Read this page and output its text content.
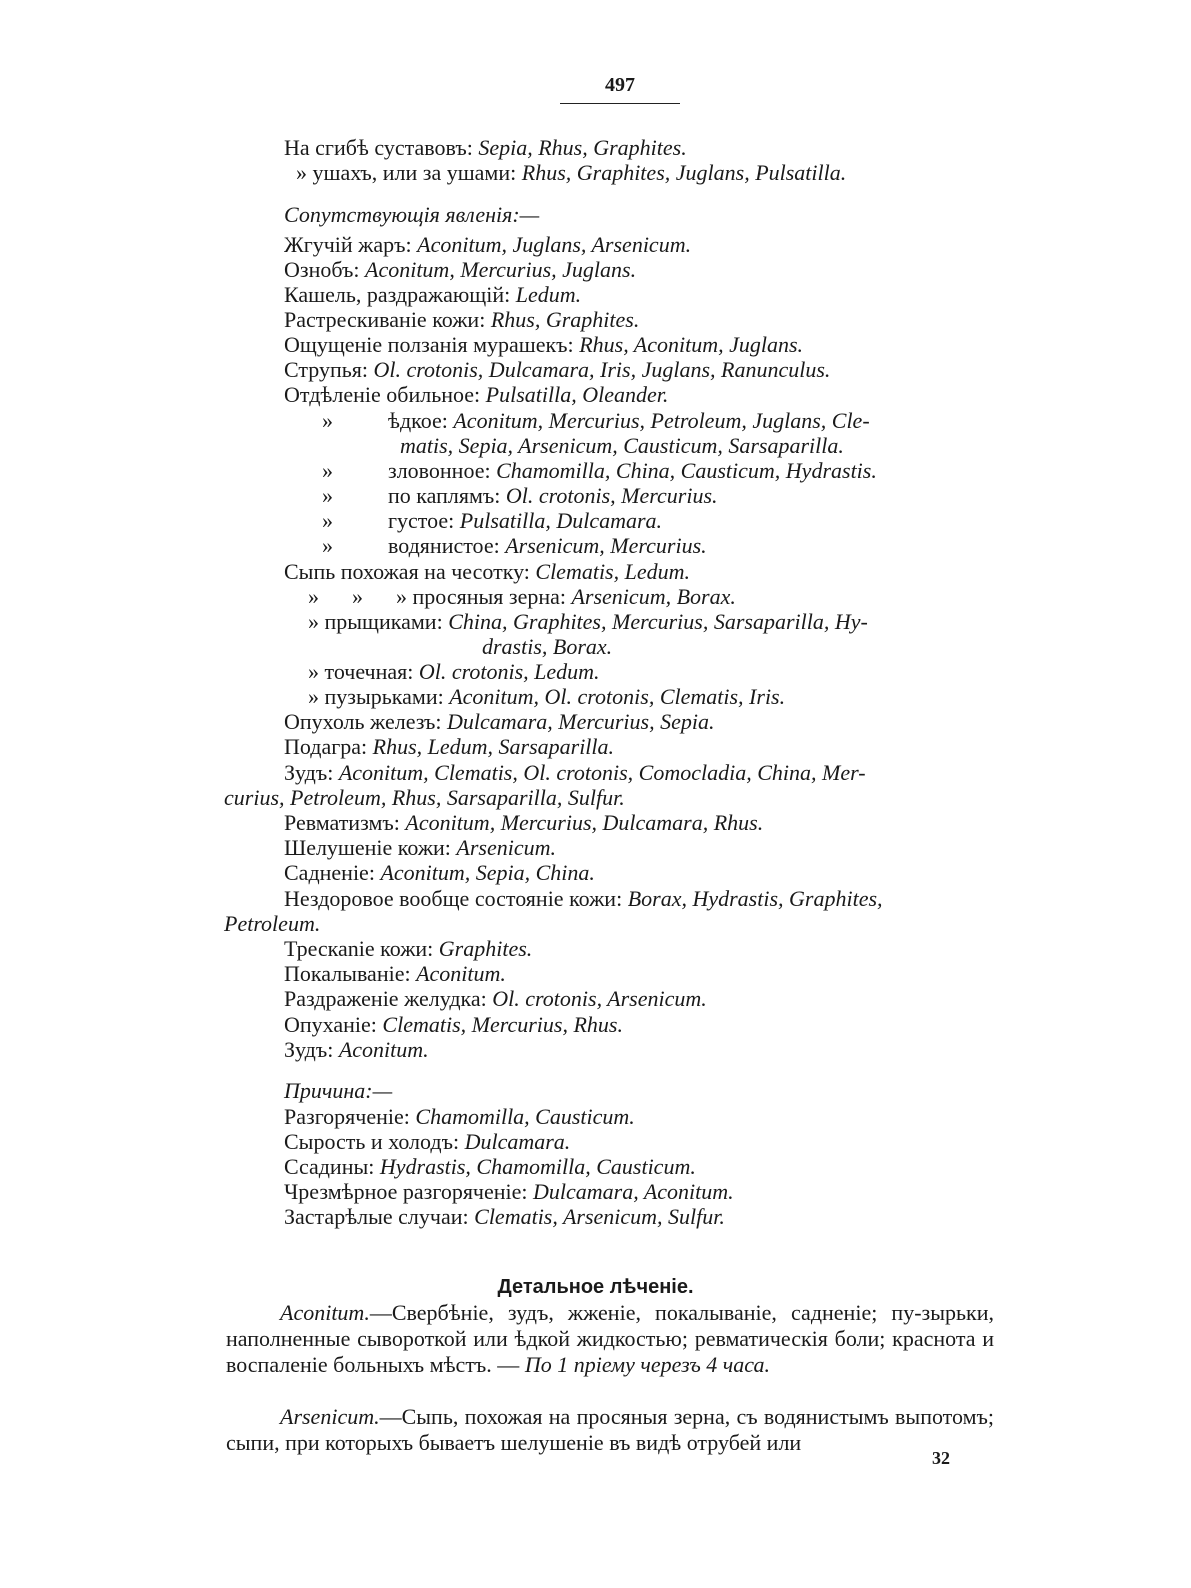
497
На сгибѣ суставовъ: Sepia, Rhus, Graphites.
» ушахъ, или за ушами: Rhus, Graphites, Juglans, Pulsatilla.
Сопутствующія явленія:—
Жгучій жаръ: Aconitum, Juglans, Arsenicum.
Ознобъ: Aconitum, Mercurius, Juglans.
Кашель, раздражающій: Ledum.
Растрескиваніе кожи: Rhus, Graphites.
Ощущеніе ползанія мурашекъ: Rhus, Aconitum, Juglans.
Струпья: Ol. crotonis, Dulcamara, Iris, Juglans, Ranunculus.
Отдѣленіе обильное: Pulsatilla, Oleander.
»          ѣдкое: Aconitum, Mercurius, Petroleum, Juglans, Cle-
matis, Sepia, Arsenicum, Causticum, Sarsaparilla.
»          зловонное: Chamomilla, China, Causticum, Hydrastis.
»          по каплямъ: Ol. crotonis, Mercurius.
»          густое: Pulsatilla, Dulcamara.
»          водянистое: Arsenicum, Mercurius.
Сыпь похожая на чесотку: Clematis, Ledum.
»      »      » просяныя зерна: Arsenicum, Borax.
» прыщиками: China, Graphites, Mercurius, Sarsaparilla, Hy-
drastis, Borax.
» точечная: Ol. crotonis, Ledum.
» пузырьками: Aconitum, Ol. crotonis, Clematis, Iris.
Опухоль железъ: Dulcamara, Mercurius, Sepia.
Подагра: Rhus, Ledum, Sarsaparilla.
Зудъ: Aconitum, Clematis, Ol. crotonis, Comocladia, China, Mer-
curius, Petroleum, Rhus, Sarsaparilla, Sulfur.
Ревматизмъ: Aconitum, Mercurius, Dulcamara, Rhus.
Шелушеніе кожи: Arsenicum.
Садненіе: Aconitum, Sepia, China.
Нездоровое вообще состояніе кожи: Borax, Hydrastis, Graphites,
Petroleum.
Трескаnіе кожи: Graphites.
Покалываніе: Aconitum.
Раздраженіе желудка: Ol. crotonis, Arsenicum.
Опуханіе: Clematis, Mercurius, Rhus.
Зудъ: Aconitum.
Причина:—
Разгоряченіе: Chamomilla, Causticum.
Сырость и холодъ: Dulcamara.
Ссадины: Hydrastis, Chamomilla, Causticum.
Чрезмѣрное разгоряченіе: Dulcamara, Aconitum.
Застарѣлые случаи: Clematis, Arsenicum, Sulfur.
Детальное лѣченіе.
Aconitum.—Свербѣніе, зудъ, жженіе, покалываніе, садненіе; пу-зырьки, наполненные сывороткой или ѣдкой жидкостью; ревматическія боли; краснота и воспаленіе больныхъ мѣстъ. — По 1 пріему черезъ 4 часа.
Arsenicum.—Сыпь, похожая на просяныя зерна, съ водянистымъ выпотомъ; сыпи, при которыхъ бываетъ шелушеніе въ видѣ отрубей или
32
